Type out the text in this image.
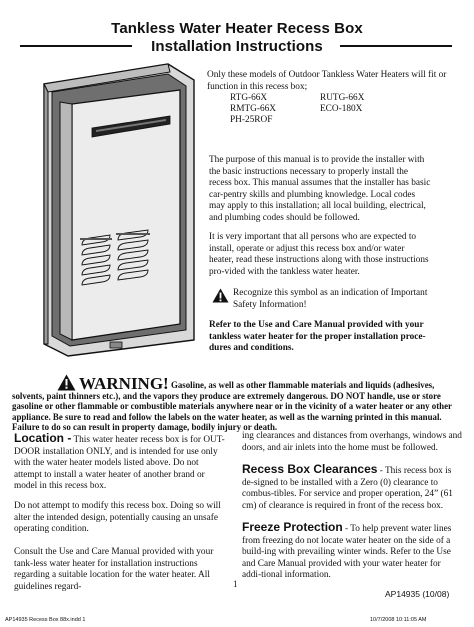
Tankless Water Heater Recess Box
Installation Instructions
Only these models of Outdoor Tankless Water Heaters will fit or function in this recess box;
RTG-66X	RUTG-66X
RMTG-66X	ECO-180X
PH-25ROF
The purpose of this manual is to provide the installer with the basic instructions necessary to properly install the recess box. This manual assumes that the installer has basic car-pentry skills and plumbing knowledge. Local codes may apply to this installation; all local building, electrical, and plumbing codes should be followed.
It is very important that all persons who are expected to install, operate or adjust this recess box and/or water heater, read these instructions along with those instructions pro-vided with the tankless water heater.
Recognize this symbol as an indication of Important Safety Information!
Refer to the Use and Care Manual provided with your tankless water heater for the proper installation proce-dures and conditions.
WARNING! Gasoline, as well as other flammable materials and liquids (adhesives, solvents, paint thinners etc.), and the vapors they produce are extremely dangerous. DO NOT handle, use or store gasoline or other flammable or combustible materials anywhere near or in the vicinity of a water heater or any other appliance. Be sure to read and follow the labels on the water heater, as well as the warning printed in this manual. Failure to do so can result in property damage, bodily injury or death.
Location - This water heater recess box is for OUT-DOOR installation ONLY, and is intended for use only with the water heater models listed above. Do not attempt to install a water heater of another brand or model in this recess box.
Do not attempt to modify this recess box. Doing so will alter the intended design, potentially causing an unsafe operating condition.
Consult the Use and Care Manual provided with your tank-less water heater for installation instructions regarding a suitable location for the water heater. All guidelines regard-
ing clearances and distances from overhangs, windows and doors, and air inlets into the home must be followed.
Recess Box Clearances - This recess box is de-signed to be installed with a Zero (0) clearance to combus-tibles. For service and proper operation, 24” (61 cm) of clearance is required in front of the recess box.
Freeze Protection - To help prevent water lines from freezing do not locate water heater on the side of a build-ing with prevailing winter winds. Refer to the Use and Care Manual provided with your water heater for addi-tional information.
1
AP14935 (10/08)
AP14935 Recess Box 88x.indd 1	10/7/2008 10:11:05 AM
